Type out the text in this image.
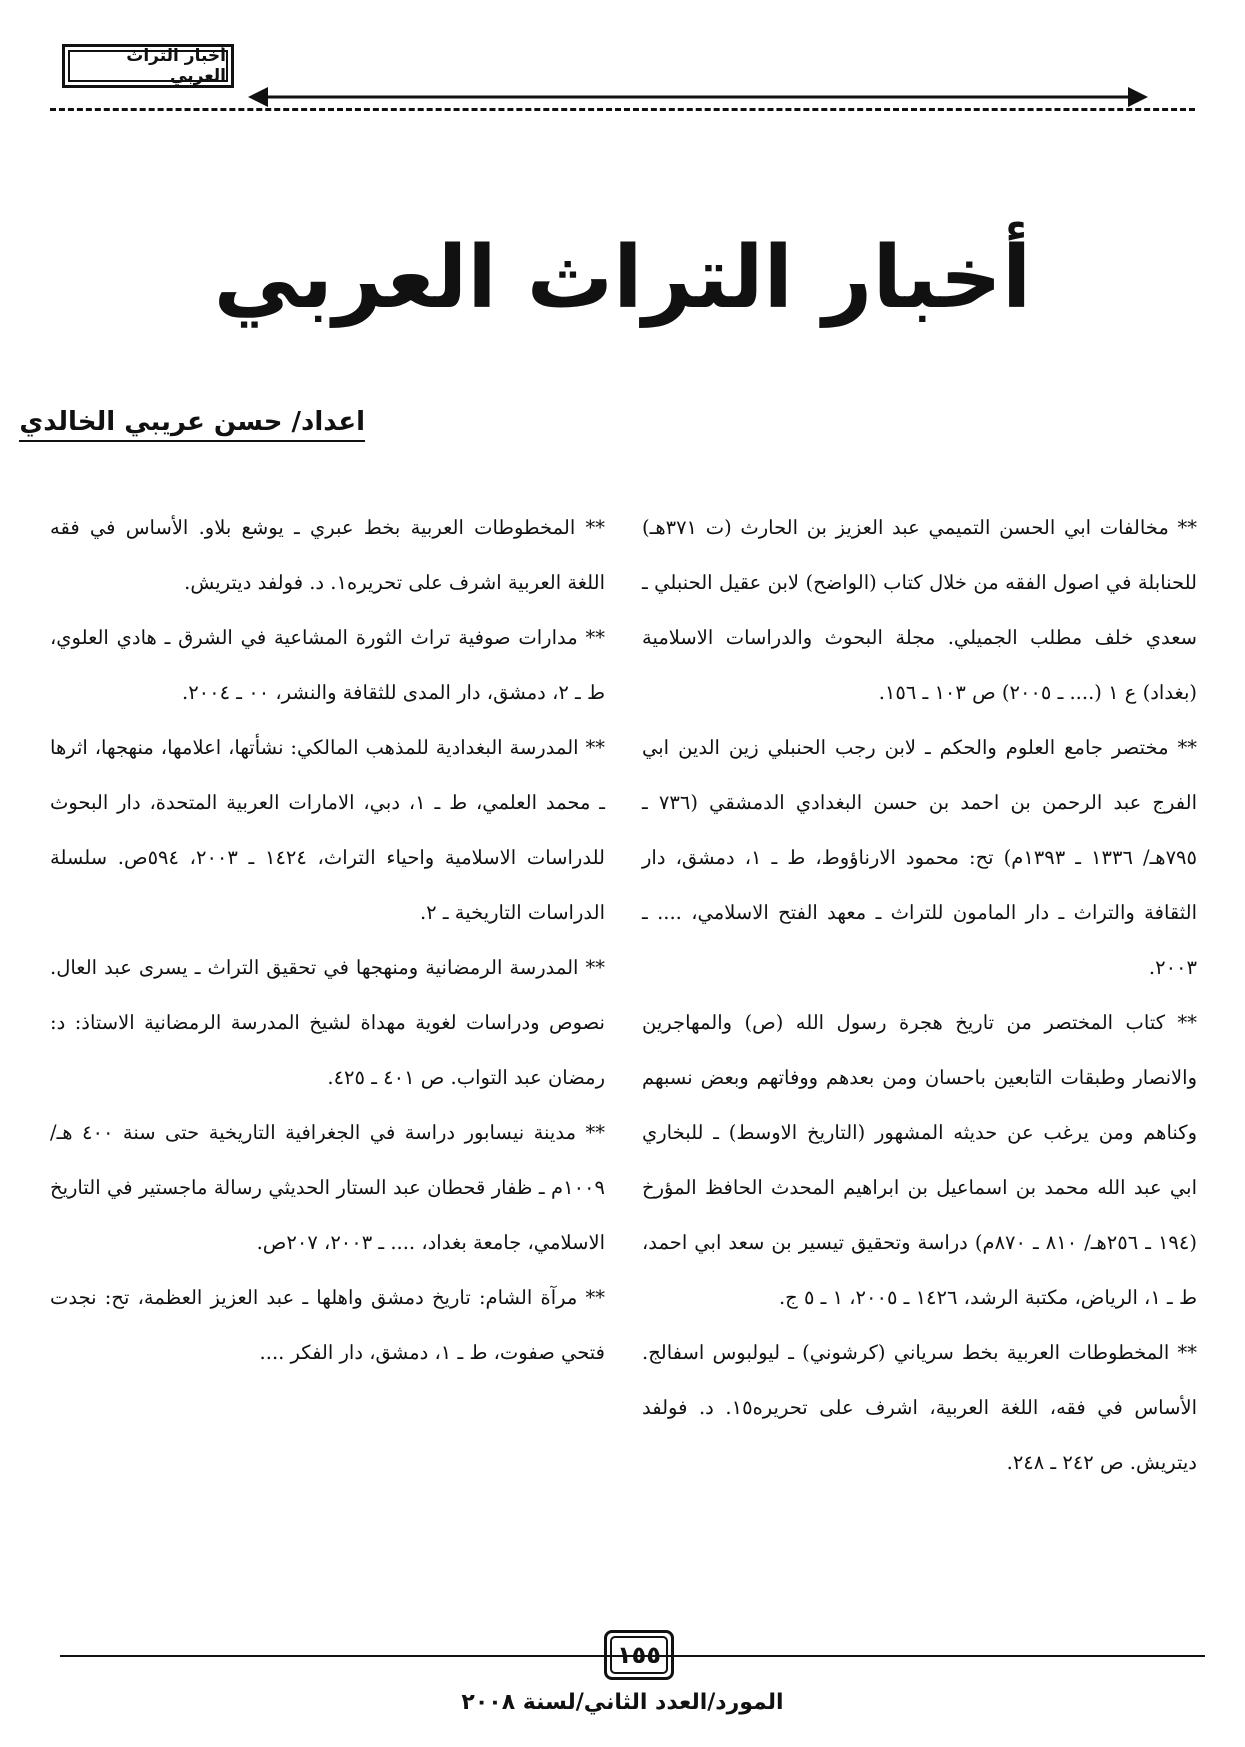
أخبار التراث العربي
أخبار التراث العربي
اعداد/ حسن عريبي الخالدي

** مخالفات ابي الحسن التميمي عبد العزيز بن الحارث (ت ٣٧١هـ) للحنابلة في اصول الفقه من خلال كتاب (الواضح) لابن عقيل الحنبلي ـ سعدي خلف مطلب الجميلي. مجلة البحوث والدراسات الاسلامية (بغداد) ع ١ (.... ـ ٢٠٠٥) ص ١٠٣ ـ ١٥٦.

** مختصر جامع العلوم والحكم ـ لابن رجب الحنبلي زين الدين ابي الفرج عبد الرحمن بن احمد بن حسن البغدادي الدمشقي (٧٣٦ ـ ٧٩٥هـ/ ١٣٣٦ ـ ١٣٩٣م) تح: محمود الارناؤوط، ط ـ ١، دمشق، دار الثقافة والتراث ـ دار المامون للتراث ـ معهد الفتح الاسلامي، .... ـ ٢٠٠٣.

** كتاب المختصر من تاريخ هجرة رسول الله (ص) والمهاجرين والانصار وطبقات التابعين باحسان ومن بعدهم ووفاتهم وبعض نسبهم وكناهم ومن يرغب عن حديثه المشهور (التاريخ الاوسط) ـ للبخاري ابي عبد الله محمد بن اسماعيل بن ابراهيم المحدث الحافظ المؤرخ (١٩٤ ـ ٢٥٦هـ/ ٨١٠ ـ ٨٧٠م) دراسة وتحقيق تيسير بن سعد ابي احمد، ط ـ ١، الرياض، مكتبة الرشد، ١٤٢٦ ـ ٢٠٠٥، ١ ـ ٥ ج.

** المخطوطات العربية بخط سرياني (كرشوني) ـ ليولبوس اسفالج. الأساس في فقه، اللغة العربية، اشرف على تحريره١٥. د. فولفد ديتريش. ص ٢٤٢ ـ ٢٤٨.

** المخطوطات العربية بخط عبري ـ يوشع بلاو. الأساس في فقه اللغة العربية اشرف على تحريره١. د. فولفد ديتريش.

** مدارات صوفية تراث الثورة المشاعية في الشرق ـ هادي العلوي، ط ـ ٢، دمشق، دار المدى للثقافة والنشر، ٠٠ ـ ٢٠٠٤.

** المدرسة البغدادية للمذهب المالكي: نشأتها، اعلامها، منهجها، اثرها ـ محمد العلمي، ط ـ ١، دبي، الامارات العربية المتحدة، دار البحوث للدراسات الاسلامية واحياء التراث، ١٤٢٤ ـ ٢٠٠٣، ٥٩٤ص. سلسلة الدراسات التاريخية ـ ٢.

** المدرسة الرمضانية ومنهجها في تحقيق التراث ـ يسرى عبد العال. نصوص ودراسات لغوية مهداة لشيخ المدرسة الرمضانية الاستاذ: د: رمضان عبد التواب. ص ٤٠١ ـ ٤٢٥.

** مدينة نيسابور دراسة في الجغرافية التاريخية حتى سنة ٤٠٠ هـ/ ١٠٠٩م ـ ظفار قحطان عبد الستار الحديثي رسالة ماجستير في التاريخ الاسلامي، جامعة بغداد، .... ـ ٢٠٠٣، ٢٠٧ص.

** مرآة الشام: تاريخ دمشق واهلها ـ عبد العزيز العظمة، تح: نجدت فتحي صفوت، ط ـ ١، دمشق، دار الفكر ....

١٥٥
المورد/العدد الثاني/لسنة ٢٠٠٨
